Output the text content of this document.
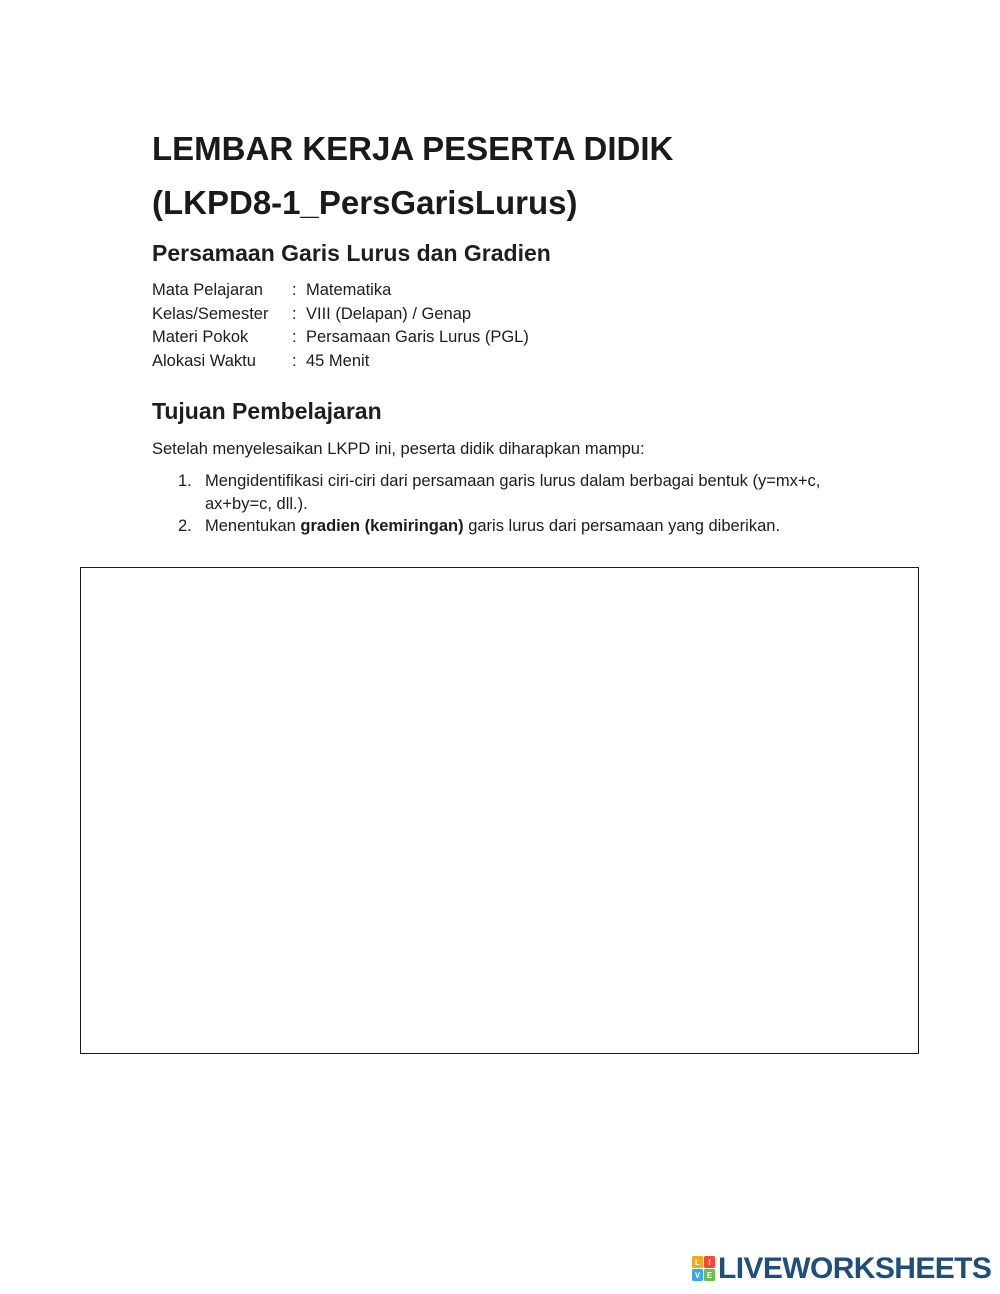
LEMBAR KERJA PESERTA DIDIK
(LKPD8-1_PersGarisLurus)
Persamaan Garis Lurus dan Gradien
Mata Pelajaran	: Matematika
Kelas/Semester	: VIII (Delapan) / Genap
Materi Pokok	: Persamaan Garis Lurus (PGL)
Alokasi Waktu	: 45 Menit
Tujuan Pembelajaran

Setelah menyelesaikan LKPD ini, peserta didik diharapkan mampu:

1. Mengidentifikasi ciri-ciri dari persamaan garis lurus dalam berbagai bentuk (y=mx+c, ax+by=c, dll.).
2. Menentukan gradien (kemiringan) garis lurus dari persamaan yang diberikan.
L I
V E LIVEWORKSHEETS
